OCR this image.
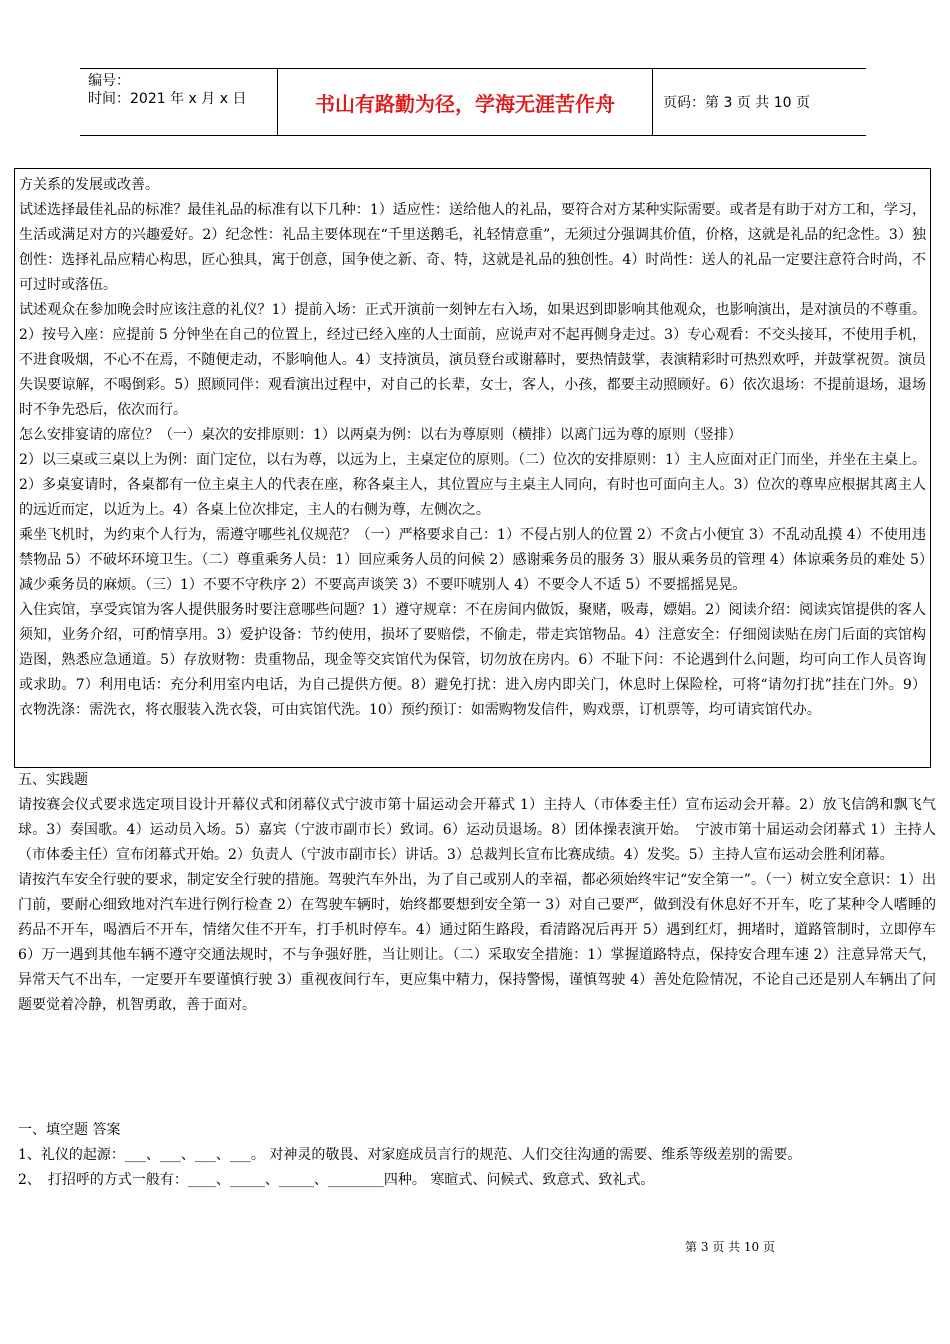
编号：
时间：2021 年 x 月 x 日	书山有路勤为径，学海无涯苦作舟	页码：第 3 页 共 10 页

方关系的发展或改善。

试述选择最佳礼品的标准？最佳礼品的标准有以下几种：1）适应性：送给他人的礼品，要符合对方某种实际需要。或者是有助于对方工和，学习，生活或满足对方的兴趣爱好。2）纪念性：礼品主要体现在“千里送鹅毛，礼轻情意重”，无须过分强调其价值，价格，这就是礼品的纪念性。3）独创性：选择礼品应精心构思，匠心独具，寓于创意，国争使之新、奇、特，这就是礼品的独创性。4）时尚性：送人的礼品一定要注意符合时尚，不可过时或落伍。

试述观众在参加晚会时应该注意的礼仪？1）提前入场：正式开演前一刻钟左右入场，如果迟到即影响其他观众，也影响演出，是对演员的不尊重。2）按号入座：应提前 5 分钟坐在自己的位置上，经过已经入座的人士面前，应说声对不起再侧身走过。3）专心观看：不交头接耳，不使用手机，不进食吸烟，不心不在焉，不随便走动，不影响他人。4）支持演员，演员登台或谢幕时，要热情鼓掌，表演精彩时可热烈欢呼，并鼓掌祝贺。演员失误要谅解，不喝倒彩。5）照顾同伴：观看演出过程中，对自己的长辈，女士，客人，小孩，都要主动照顾好。6）依次退场：不提前退场，退场时不争先恐后，依次而行。

怎么安排宴请的席位？（一）桌次的安排原则：1）以两桌为例：以右为尊原则（横排）以离门远为尊的原则（竖排）

2）以三桌或三桌以上为例：面门定位，以右为尊，以远为上，主桌定位的原则。（二）位次的安排原则：1）主人应面对正门而坐，并坐在主桌上。2）多桌宴请时，各桌都有一位主桌主人的代表在座，称各桌主人，其位置应与主桌主人同向，有时也可面向主人。3）位次的尊卑应根据其离主人的远近而定，以近为上。4）各桌上位次排定，主人的右侧为尊，左侧次之。

乘坐飞机时，为约束个人行为，需遵守哪些礼仪规范？（一）严格要求自己：1）不侵占别人的位置 2）不贪占小便宜 3）不乱动乱摸 4）不使用违禁物品 5）不破坏环境卫生。（二）尊重乘务人员：1）回应乘务人员的问候 2）感谢乘务员的服务 3）服从乘务员的管理 4）体谅乘务员的难处 5）减少乘务员的麻烦。（三）1）不要不守秩序 2）不要高声谈笑 3）不要吓唬别人 4）不要令人不适 5）不要摇摇晃晃。

入住宾馆，享受宾馆为客人提供服务时要注意哪些问题？1）遵守规章：不在房间内做饭，聚赌，吸毒，嫖娼。2）阅读介绍：阅读宾馆提供的客人须知，业务介绍，可酌情享用。3）爱护设备：节约使用，损坏了要赔偿，不偷走，带走宾馆物品。4）注意安全：仔细阅读贴在房门后面的宾馆构造图，熟悉应急通道。5）存放财物：贵重物品，现金等交宾馆代为保管，切勿放在房内。6）不耻下问：不论遇到什么问题，均可向工作人员咨询或求助。7）利用电话：充分利用室内电话，为自己提供方便。8）避免打扰：进入房内即关门，休息时上保险栓，可将“请勿打扰”挂在门外。9）衣物洗涤：需洗衣，将衣服装入洗衣袋，可由宾馆代洗。10）预约预订：如需购物发信件，购戏票，订机票等，均可请宾馆代办。

五、实践题

请按赛会仪式要求选定项目设计开幕仪式和闭幕仪式宁波市第十届运动会开幕式 1）主持人（市体委主任）宣布运动会开幕。2）放飞信鸽和飘飞气球。3）奏国歌。4）运动员入场。5）嘉宾（宁波市副市长）致词。6）运动员退场。8）团体操表演开始。　宁波市第十届运动会闭幕式 1）主持人（市体委主任）宣布闭幕式开始。2）负责人（宁波市副市长）讲话。3）总裁判长宣布比赛成绩。4）发奖。5）主持人宣布运动会胜利闭幕。

请按汽车安全行驶的要求，制定安全行驶的措施。驾驶汽车外出，为了自己或别人的幸福，都必须始终牢记“安全第一”。（一）树立安全意识：1）出门前，要耐心细致地对汽车进行例行检查 2）在驾驶车辆时，始终都要想到安全第一 3）对自己要严，做到没有休息好不开车，吃了某种令人嗜睡的药品不开车，喝酒后不开车，情绪欠佳不开车，打手机时停车。4）通过陌生路段，看清路况后再开 5）遇到红灯，拥堵时，道路管制时，立即停车 6）万一遇到其他车辆不遵守交通法规时，不与争强好胜，当让则让。（二）采取安全措施：1）掌握道路特点，保持安合理车速 2）注意异常天气，异常天气不出车，一定要开车要谨慎行驶 3）重视夜间行车，更应集中精力，保持警惕，谨慎驾驶 4）善处危险情况，不论自己还是别人车辆出了问题要觉着冷静，机智勇敢，善于面对。

一、填空题 答案

1、礼仪的起源：___、___、___、___。 对神灵的敬畏、对家庭成员言行的规范、人们交往沟通的需要、维系等级差别的需要。

2、　打招呼的方式一般有：____、_____、_____、________四种。 寒暄式、问候式、致意式、致礼式。

第 3 页 共 10 页
